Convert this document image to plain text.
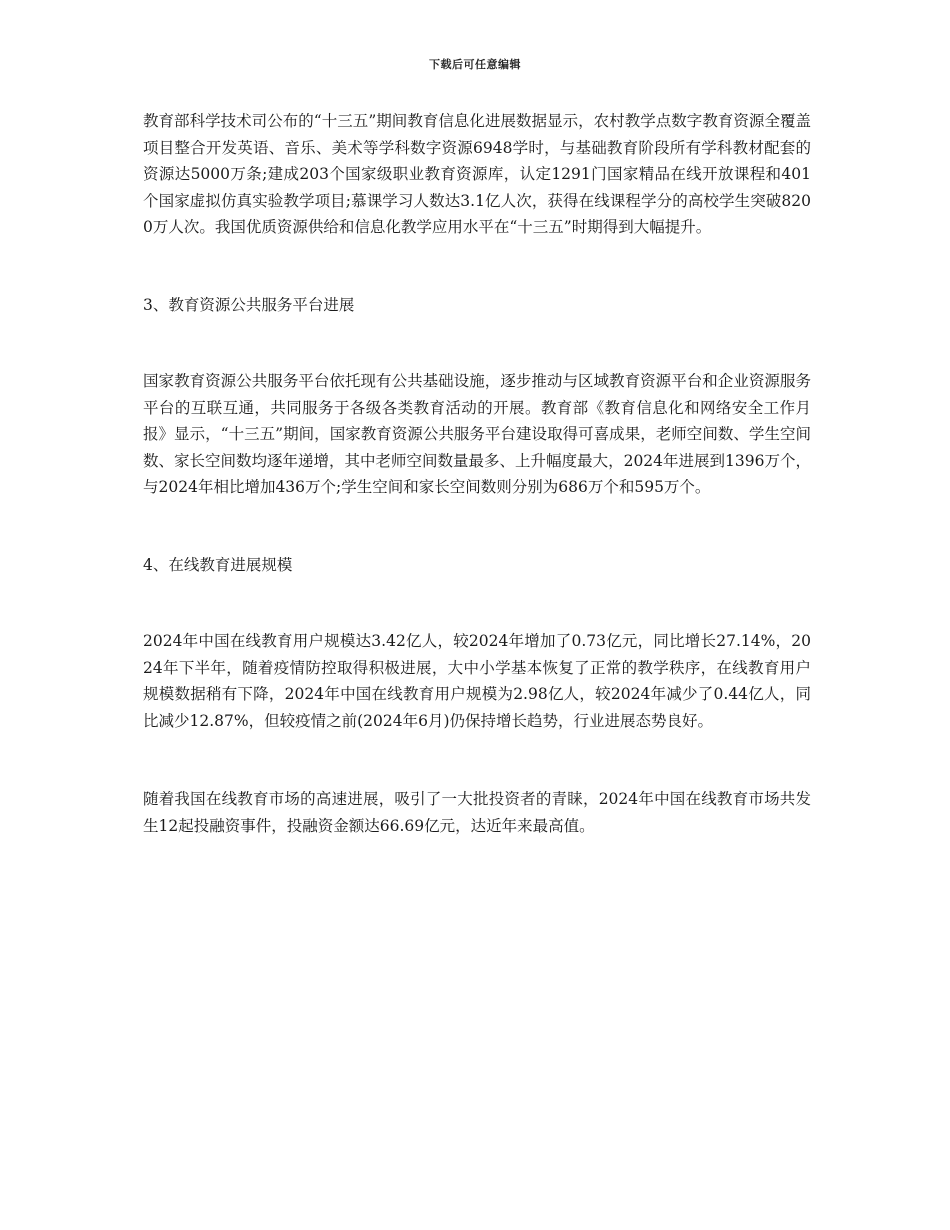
下载后可任意编辑

教育部科学技术司公布的“十三五”期间教育信息化进展数据显示，农村教学点数字教育资源全覆盖项目整合开发英语、音乐、美术等学科数字资源6948学时，与基础教育阶段所有学科教材配套的资源达5000万条;建成203个国家级职业教育资源库，认定1291门国家精品在线开放课程和401个国家虚拟仿真实验教学项目;慕课学习人数达3.1亿人次，获得在线课程学分的高校学生突破8200万人次。我国优质资源供给和信息化教学应用水平在“十三五”时期得到大幅提升。

3、教育资源公共服务平台进展

国家教育资源公共服务平台依托现有公共基础设施，逐步推动与区域教育资源平台和企业资源服务平台的互联互通，共同服务于各级各类教育活动的开展。教育部《教育信息化和网络安全工作月报》显示，“十三五”期间，国家教育资源公共服务平台建设取得可喜成果，老师空间数、学生空间数、家长空间数均逐年递增，其中老师空间数量最多、上升幅度最大，2024年进展到1396万个，与2024年相比增加436万个;学生空间和家长空间数则分别为686万个和595万个。

4、在线教育进展规模

2024年中国在线教育用户规模达3.42亿人，较2024年增加了0.73亿元，同比增长27.14%，2024年下半年，随着疫情防控取得积极进展，大中小学基本恢复了正常的教学秩序，在线教育用户规模数据稍有下降，2024年中国在线教育用户规模为2.98亿人，较2024年减少了0.44亿人，同比减少12.87%，但较疫情之前(2024年6月)仍保持增长趋势，行业进展态势良好。

随着我国在线教育市场的高速进展，吸引了一大批投资者的青睐，2024年中国在线教育市场共发生12起投融资事件，投融资金额达66.69亿元，达近年来最高值。
